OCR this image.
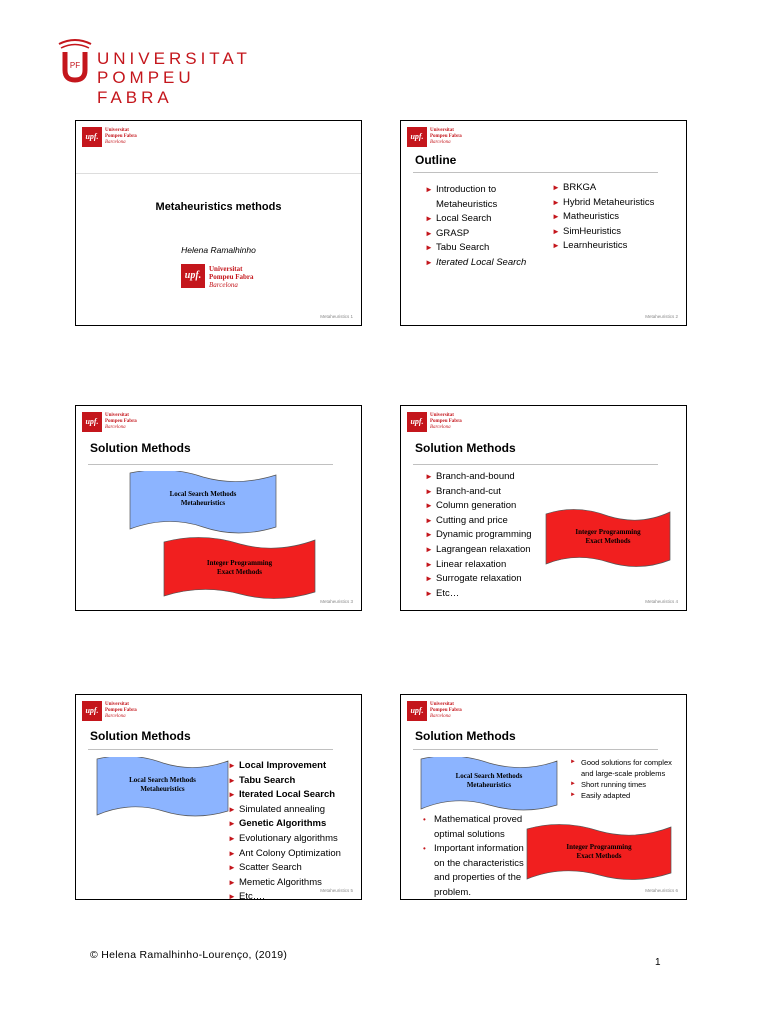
PF UNIVERSITAT
POMPEU FABRA
upf.
Universitat
Pompeu Fabra
Barcelona
Metaheuristics methods
Helena Ramalhinho
upf.
Universitat
Pompeu Fabra
Barcelona
Metaheuristics 1
upf.
Universitat
Pompeu Fabra
Barcelona
Outline
► Introduction to Metaheuristics
► Local Search
► GRASP
► Tabu Search
► Iterated Local Search
► BRKGA
► Hybrid Metaheuristics
► Matheuristics
► SimHeuristics
► Learnheuristics
Metaheuristics 2
upf.
Universitat
Pompeu Fabra
Barcelona
Solution Methods
Local Search Methods
Metaheuristics
Integer Programming
Exact Methods
Metaheuristics 3
upf.
Universitat
Pompeu Fabra
Barcelona
Solution Methods
► Branch-and-bound
► Branch-and-cut
► Column generation
► Cutting and price
► Dynamic programming
► Lagrangean relaxation
► Linear relaxation
► Surrogate relaxation
► Etc…
Integer Programming
Exact Methods
Metaheuristics 4
upf.
Universitat
Pompeu Fabra
Barcelona
Solution Methods
Local Search Methods
Metaheuristics
► Local Improvement
► Tabu Search
► Iterated Local Search
► Simulated annealing
► Genetic Algorithms
► Evolutionary algorithms
► Ant Colony Optimization
► Scatter Search
► Memetic Algorithms
► Etc….
Metaheuristics 5
upf.
Universitat
Pompeu Fabra
Barcelona
Solution Methods
Local Search Methods
Metaheuristics
► Good solutions for complex and large-scale problems
► Short running times
► Easily adapted
• Mathematical proved optimal solutions
• Important information on the characteristics and properties of the problem.
Integer Programming
Exact Methods
Metaheuristics 6
© Helena Ramalhinho-Lourenço, (2019)
1
